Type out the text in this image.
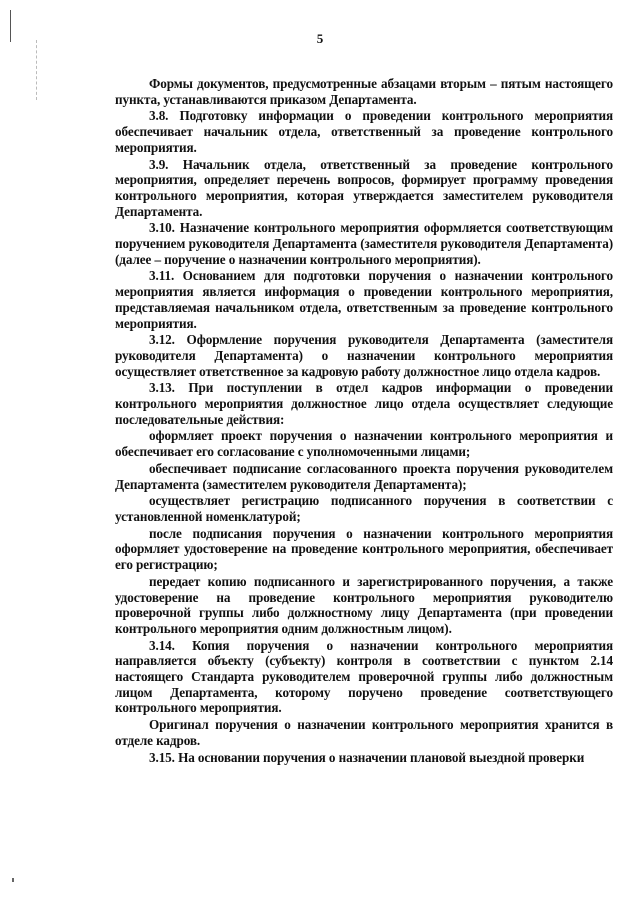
5

Формы документов, предусмотренные абзацами вторым – пятым настоящего пункта, устанавливаются приказом Департамента.

3.8. Подготовку информации о проведении контрольного мероприятия обеспечивает начальник отдела, ответственный за проведение контрольного мероприятия.

3.9. Начальник отдела, ответственный за проведение контрольного мероприятия, определяет перечень вопросов, формирует программу проведения контрольного мероприятия, которая утверждается заместителем руководителя Департамента.

3.10. Назначение контрольного мероприятия оформляется соответствующим поручением руководителя Департамента (заместителя руководителя Департамента) (далее – поручение о назначении контрольного мероприятия).

3.11. Основанием для подготовки поручения о назначении контрольного мероприятия является информация о проведении контрольного мероприятия, представляемая начальником отдела, ответственным за проведение контрольного мероприятия.

3.12. Оформление поручения руководителя Департамента (заместителя руководителя Департамента) о назначении контрольного мероприятия осуществляет ответственное за кадровую работу должностное лицо отдела кадров.

3.13. При поступлении в отдел кадров информации о проведении контрольного мероприятия должностное лицо отдела осуществляет следующие последовательные действия:

оформляет проект поручения о назначении контрольного мероприятия и обеспечивает его согласование с уполномоченными лицами;

обеспечивает подписание согласованного проекта поручения руководителем Департамента (заместителем руководителя Департамента);

осуществляет регистрацию подписанного поручения в соответствии с установленной номенклатурой;

после подписания поручения о назначении контрольного мероприятия оформляет удостоверение на проведение контрольного мероприятия, обеспечивает его регистрацию;

передает копию подписанного и зарегистрированного поручения, а также удостоверение на проведение контрольного мероприятия руководителю проверочной группы либо должностному лицу Департамента (при проведении контрольного мероприятия одним должностным лицом).

3.14. Копия поручения о назначении контрольного мероприятия направляется объекту (субъекту) контроля в соответствии с пунктом 2.14 настоящего Стандарта руководителем проверочной группы либо должностным лицом Департамента, которому поручено проведение соответствующего контрольного мероприятия.

Оригинал поручения о назначении контрольного мероприятия хранится в отделе кадров.

3.15. На основании поручения о назначении плановой выездной проверки
